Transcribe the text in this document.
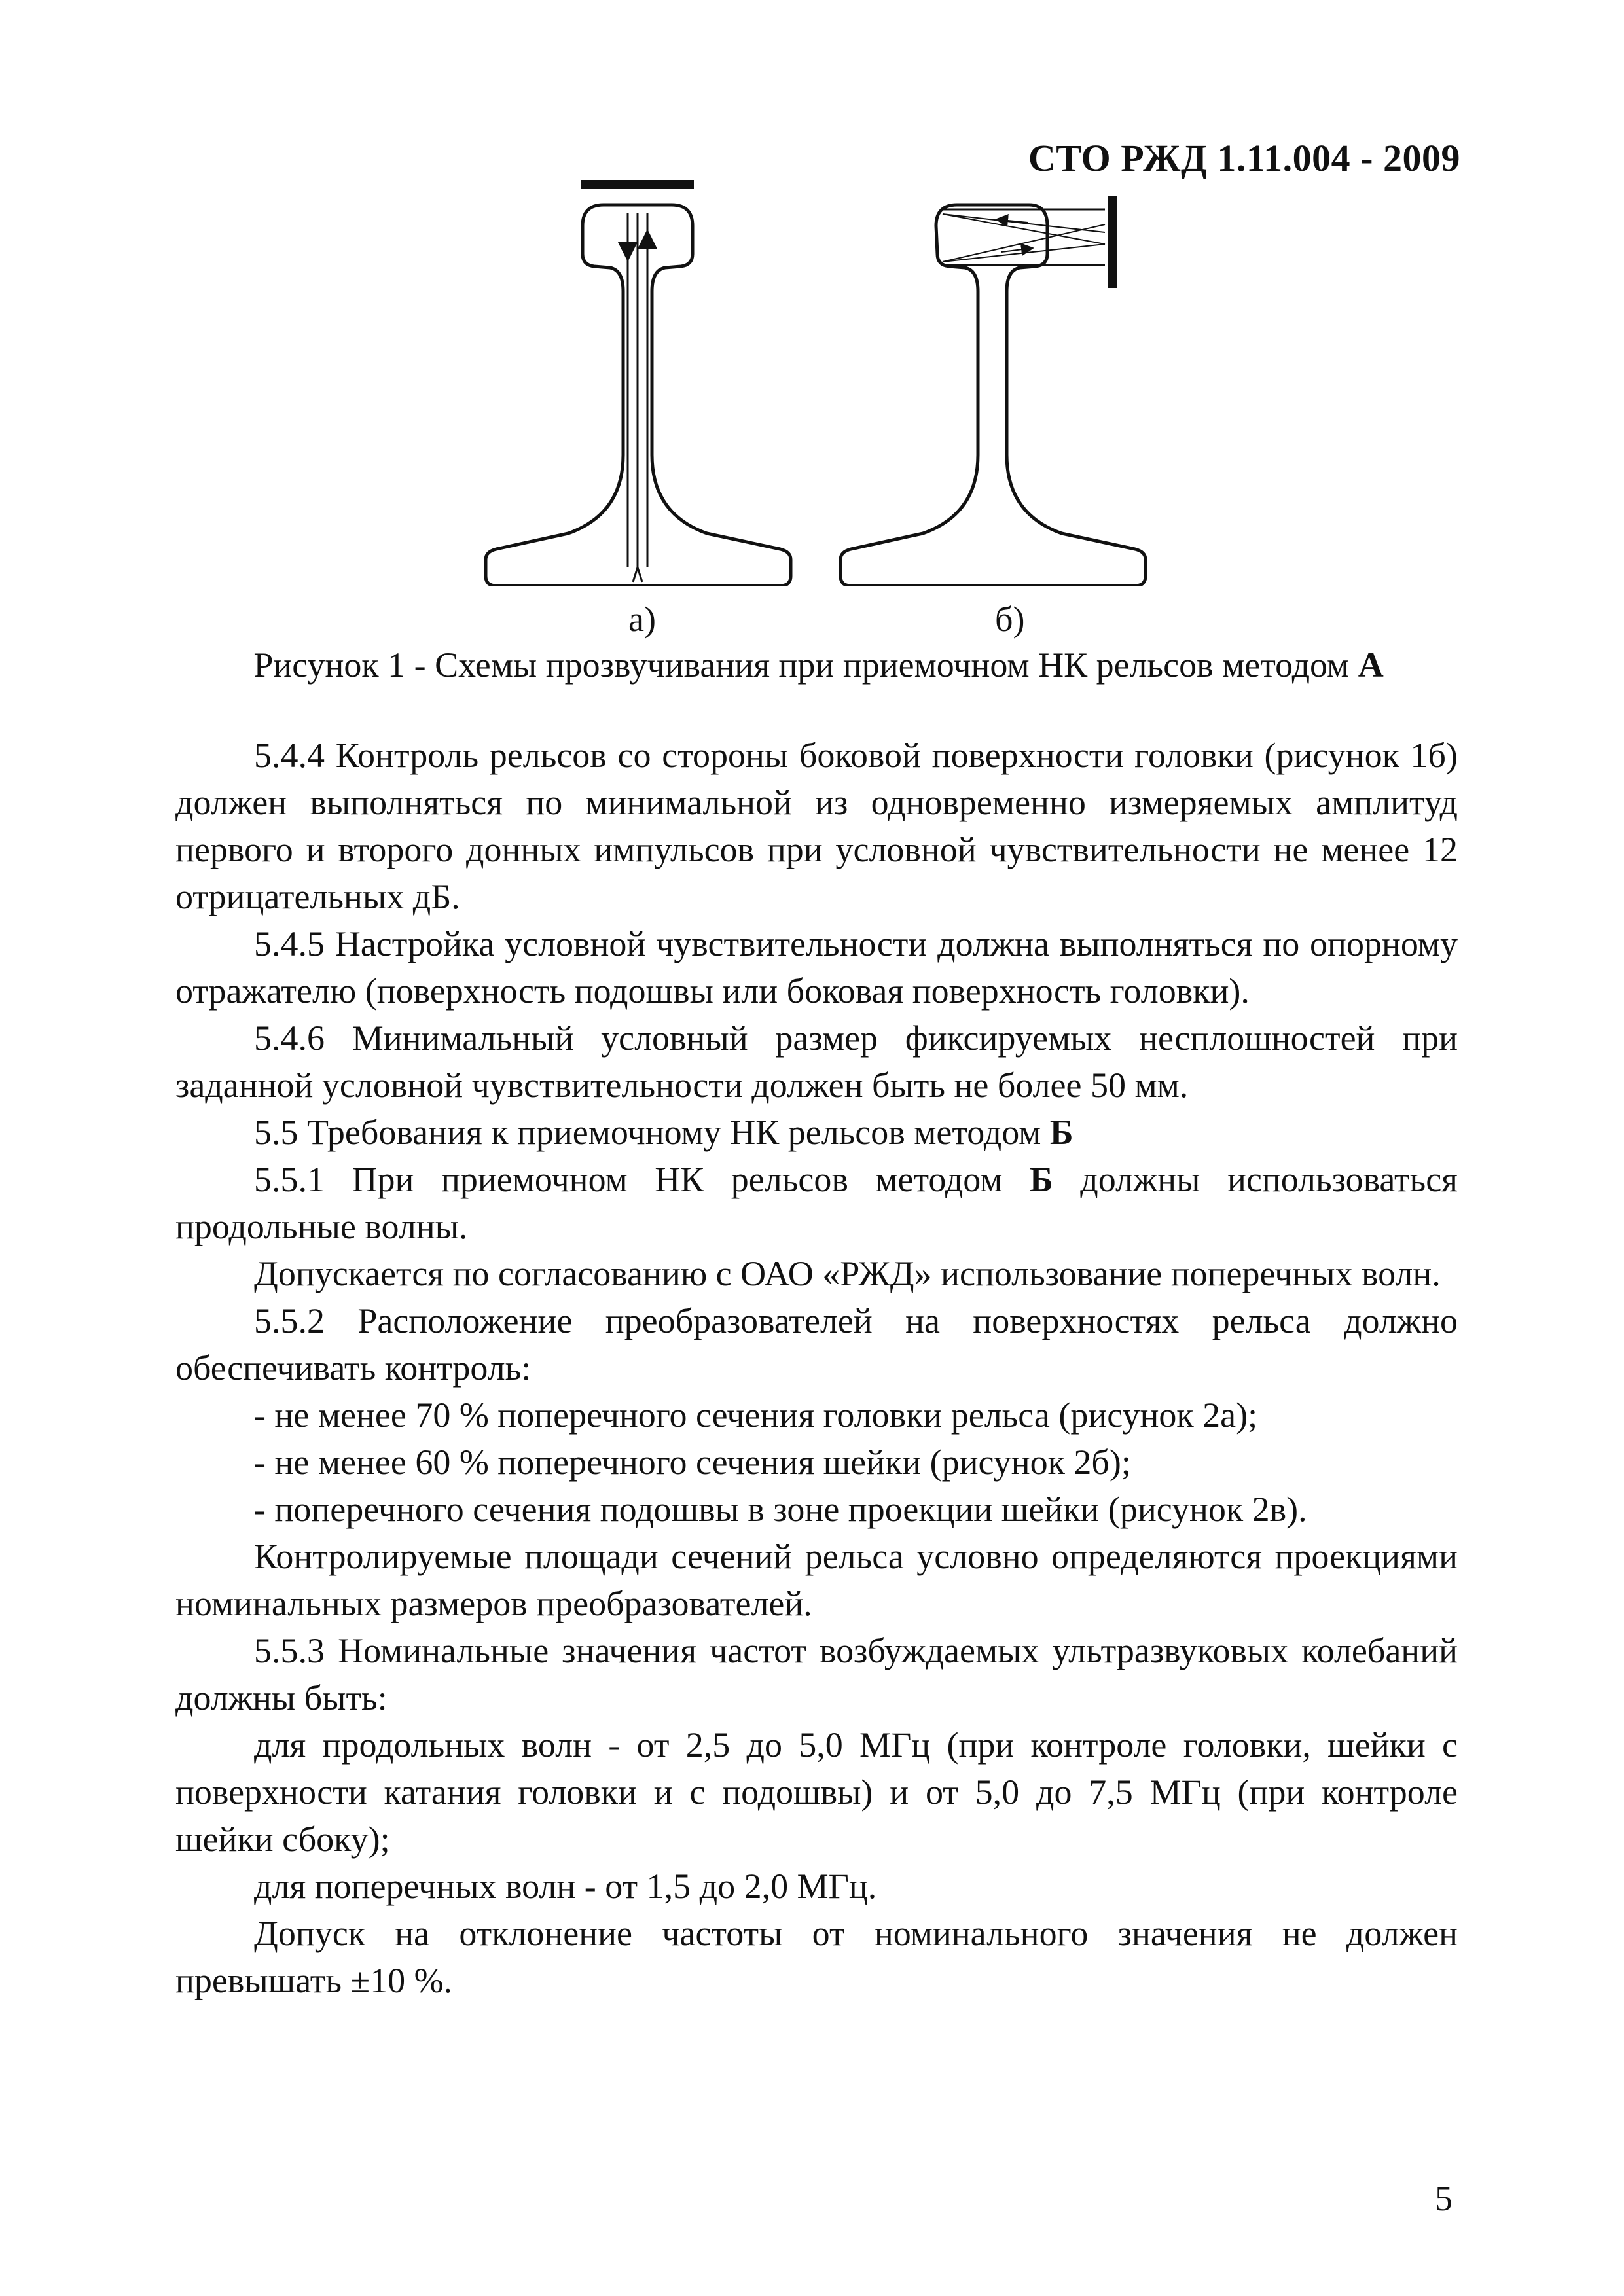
СТО РЖД 1.11.004 - 2009
а)	б)
Рисунок 1 - Схемы прозвучивания при приемочном НК рельсов методом А

5.4.4 Контроль рельсов со стороны боковой поверхности головки (рисунок 1б) должен выполняться по минимальной из одновременно измеряемых амплитуд первого и второго донных импульсов при условной чувствительности не менее 12 отрицательных дБ.

5.4.5 Настройка условной чувствительности должна выполняться по опорному отражателю (поверхность подошвы или боковая поверхность головки).

5.4.6 Минимальный условный размер фиксируемых несплошностей при заданной условной чувствительности должен быть не более 50 мм.

5.5 Требования к приемочному НК рельсов методом Б

5.5.1 При приемочном НК рельсов методом Б должны использоваться продольные волны.

Допускается по согласованию с ОАО «РЖД» использование поперечных волн.

5.5.2 Расположение преобразователей на поверхностях рельса должно обеспечивать контроль:

- не менее 70 % поперечного сечения головки рельса (рисунок 2а);

- не менее 60 % поперечного сечения шейки (рисунок 2б);

- поперечного сечения подошвы в зоне проекции шейки (рисунок 2в).

Контролируемые площади сечений рельса условно определяются проекциями номинальных размеров преобразователей.

5.5.3 Номинальные значения частот возбуждаемых ультразвуковых колебаний должны быть:

для продольных волн - от 2,5 до 5,0 МГц (при контроле головки, шейки с поверхности катания головки и с подошвы) и от 5,0 до 7,5 МГц (при контроле шейки сбоку);

для поперечных волн - от 1,5 до 2,0 МГц.

Допуск на отклонение частоты от номинального значения не должен превышать ±10 %.

5
